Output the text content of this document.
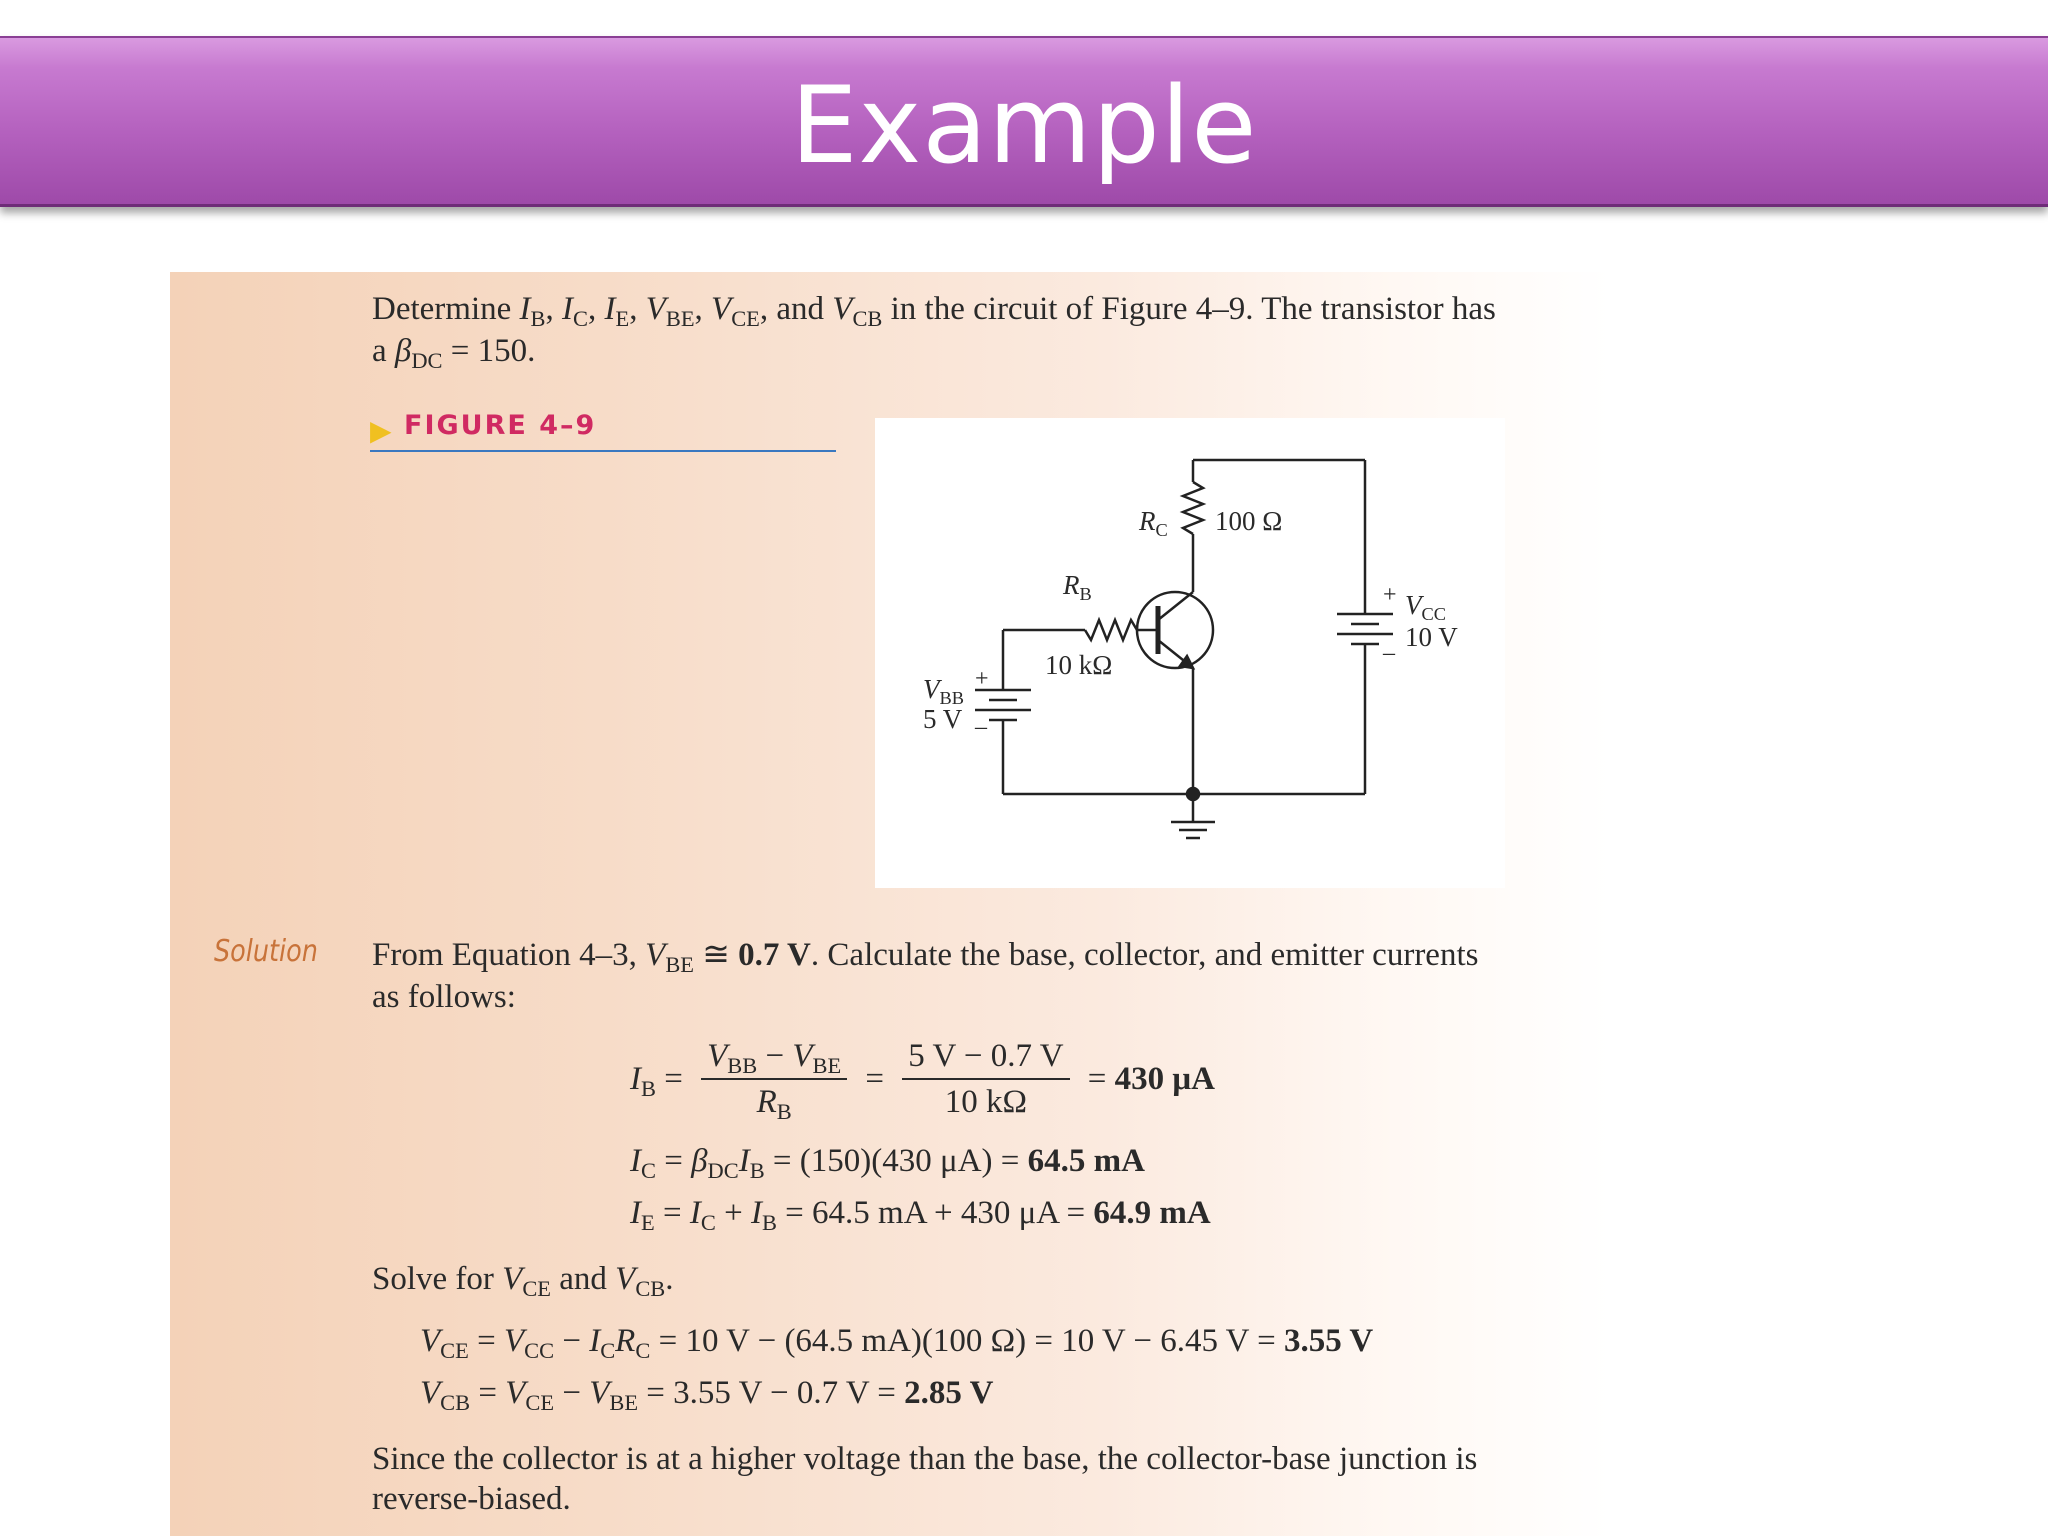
Example
Determine $I_B$, $I_C$, $I_E$, $V_{BE}$, $V_{CE}$, and $V_{CB}$ in the circuit of Figure 4–9. The transistor has
a $\beta_{DC} = 150$.
▶ FIGURE 4–9
$R_C$ 100 Ω
$R_B$
10 kΩ
$V_{BB}$
5 V
+
–
$V_{CC}$
10 V
+
–
Solution From Equation 4–3, $V_{BE}$ ≅ 0.7 V. Calculate the base, collector, and emitter currents
as follows:
$I_B = \frac{V_{BB} - V_{BE}}{R_B} = \frac{5 V - 0.7 V}{10 k\Omega} = 430$ μA
$I_C = \beta_{DC}I_B = (150)(430$ μA) = 64.5 mA
$I_E = I_C + I_B = 64.5$ mA + 430 μA = 64.9 mA
Solve for $V_{CE}$ and $V_{CB}$.
$V_{CE} = V_{CC} - I_CR_C = 10$ V − (64.5 mA)(100 Ω) = 10 V − 6.45 V = 3.55 V
$V_{CB} = V_{CE} - V_{BE} = 3.55$ V − 0.7 V = 2.85 V
Since the collector is at a higher voltage than the base, the collector-base junction is
reverse-biased.
